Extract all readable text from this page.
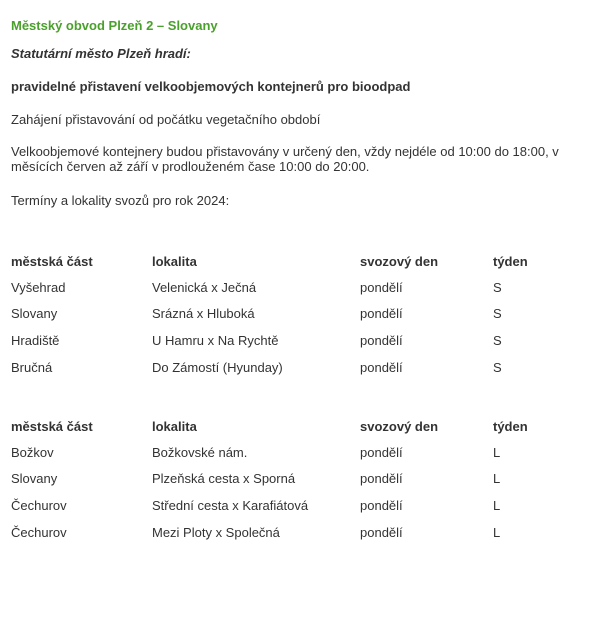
Městský obvod Plzeň 2 – Slovany
Statutární město Plzeň hradí:
pravidelné přistavení velkoobjemových kontejnerů pro bioodpad
Zahájení přistavování od počátku vegetačního období
Velkoobjemové kontejnery budou přistavovány v určený den, vždy nejdéle od 10:00 do 18:00, v měsících červen až září v prodlouženém čase 10:00 do 20:00.
Termíny a lokality svozů pro rok 2024:
městská část	lokalita	svozový den	týden
Vyšehrad	Velenická x Ječná	pondělí	S
Slovany	Srázná x Hluboká	pondělí	S
Hradiště	U Hamru x Na Rychtě	pondělí	S
Bručná	Do Zámostí (Hyunday)	pondělí	S
městská část	lokalita	svozový den	týden
Božkov	Božkovské nám.	pondělí	L
Slovany	Plzeňská cesta x Sporná	pondělí	L
Čechurov	Střední cesta x Karafiátová	pondělí	L
Čechurov	Mezi Ploty x Společná	pondělí	L
